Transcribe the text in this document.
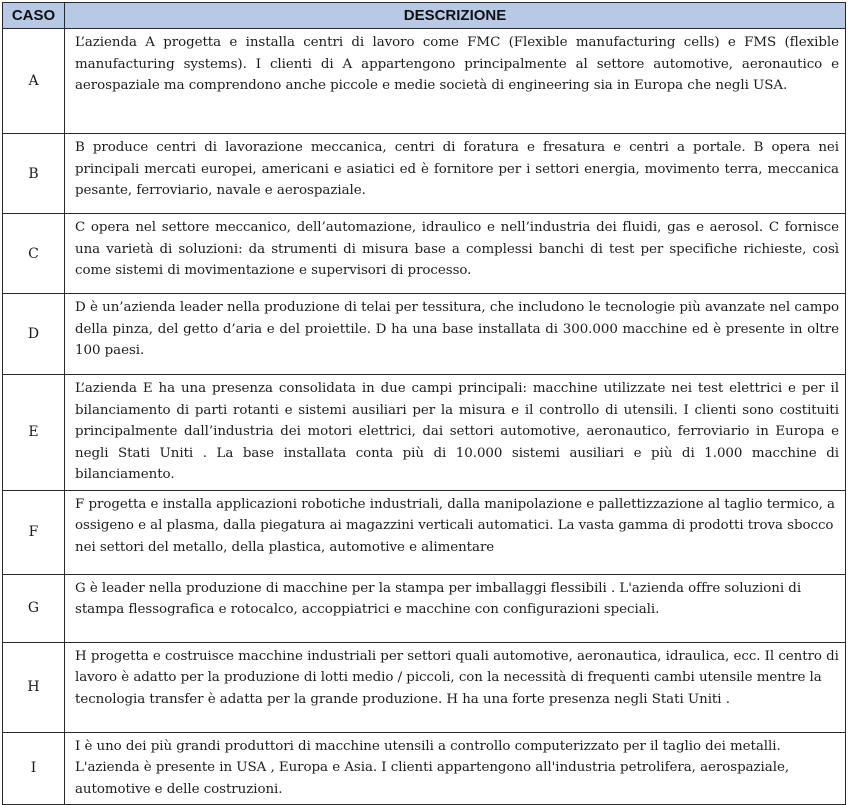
CASO	DESCRIZIONE
A	L’azienda A progetta e installa centri di lavoro come FMC (Flexible manufacturing cells) e FMS (flexible manufacturing systems). I clienti di A appartengono principalmente al settore automotive, aeronautico e aerospaziale ma comprendono anche piccole e medie società di engineering sia in Europa che negli USA.
B	B produce centri di lavorazione meccanica, centri di foratura e fresatura e centri a portale. B opera nei principali mercati europei, americani e asiatici ed è fornitore per i settori energia, movimento terra, meccanica pesante, ferroviario, navale e aerospaziale.
C	C opera nel settore meccanico, dell’automazione, idraulico e nell’industria dei fluidi, gas e aerosol. C fornisce una varietà di soluzioni: da strumenti di misura base a complessi banchi di test per specifiche richieste, così come sistemi di movimentazione e supervisori di processo.
D	D è un’azienda leader nella produzione di telai per tessitura, che includono le tecnologie più avanzate nel campo della pinza, del getto d’aria e del proiettile. D ha una base installata di 300.000 macchine ed è presente in oltre 100 paesi.
E	L’azienda E ha una presenza consolidata in due campi principali: macchine utilizzate nei test elettrici e per il bilanciamento di parti rotanti e sistemi ausiliari per la misura e il controllo di utensili. I clienti sono costituiti principalmente dall’industria dei motori elettrici, dai settori automotive, aeronautico, ferroviario in Europa e negli Stati Uniti . La base installata conta più di 10.000 sistemi ausiliari e più di 1.000 macchine di bilanciamento.
F	F progetta e installa applicazioni robotiche industriali, dalla manipolazione e pallettizzazione al taglio termico, a ossigeno e al plasma, dalla piegatura ai magazzini verticali automatici. La vasta gamma di prodotti trova sbocco nei settori del metallo, della plastica, automotive e alimentare
G	G è leader nella produzione di macchine per la stampa per imballaggi flessibili . L'azienda offre soluzioni di stampa flessografica e rotocalco, accoppiatrici e macchine con configurazioni speciali.
H	H progetta e costruisce macchine industriali per settori quali automotive, aeronautica, idraulica, ecc. Il centro di lavoro è adatto per la produzione di lotti medio / piccoli, con la necessità di frequenti cambi utensile mentre la tecnologia transfer è adatta per la grande produzione. H ha una forte presenza negli Stati Uniti .
I	I è uno dei più grandi produttori di macchine utensili a controllo computerizzato per il taglio dei metalli. L'azienda è presente in USA , Europa e Asia. I clienti appartengono all'industria petrolifera, aerospaziale, automotive e delle costruzioni.
